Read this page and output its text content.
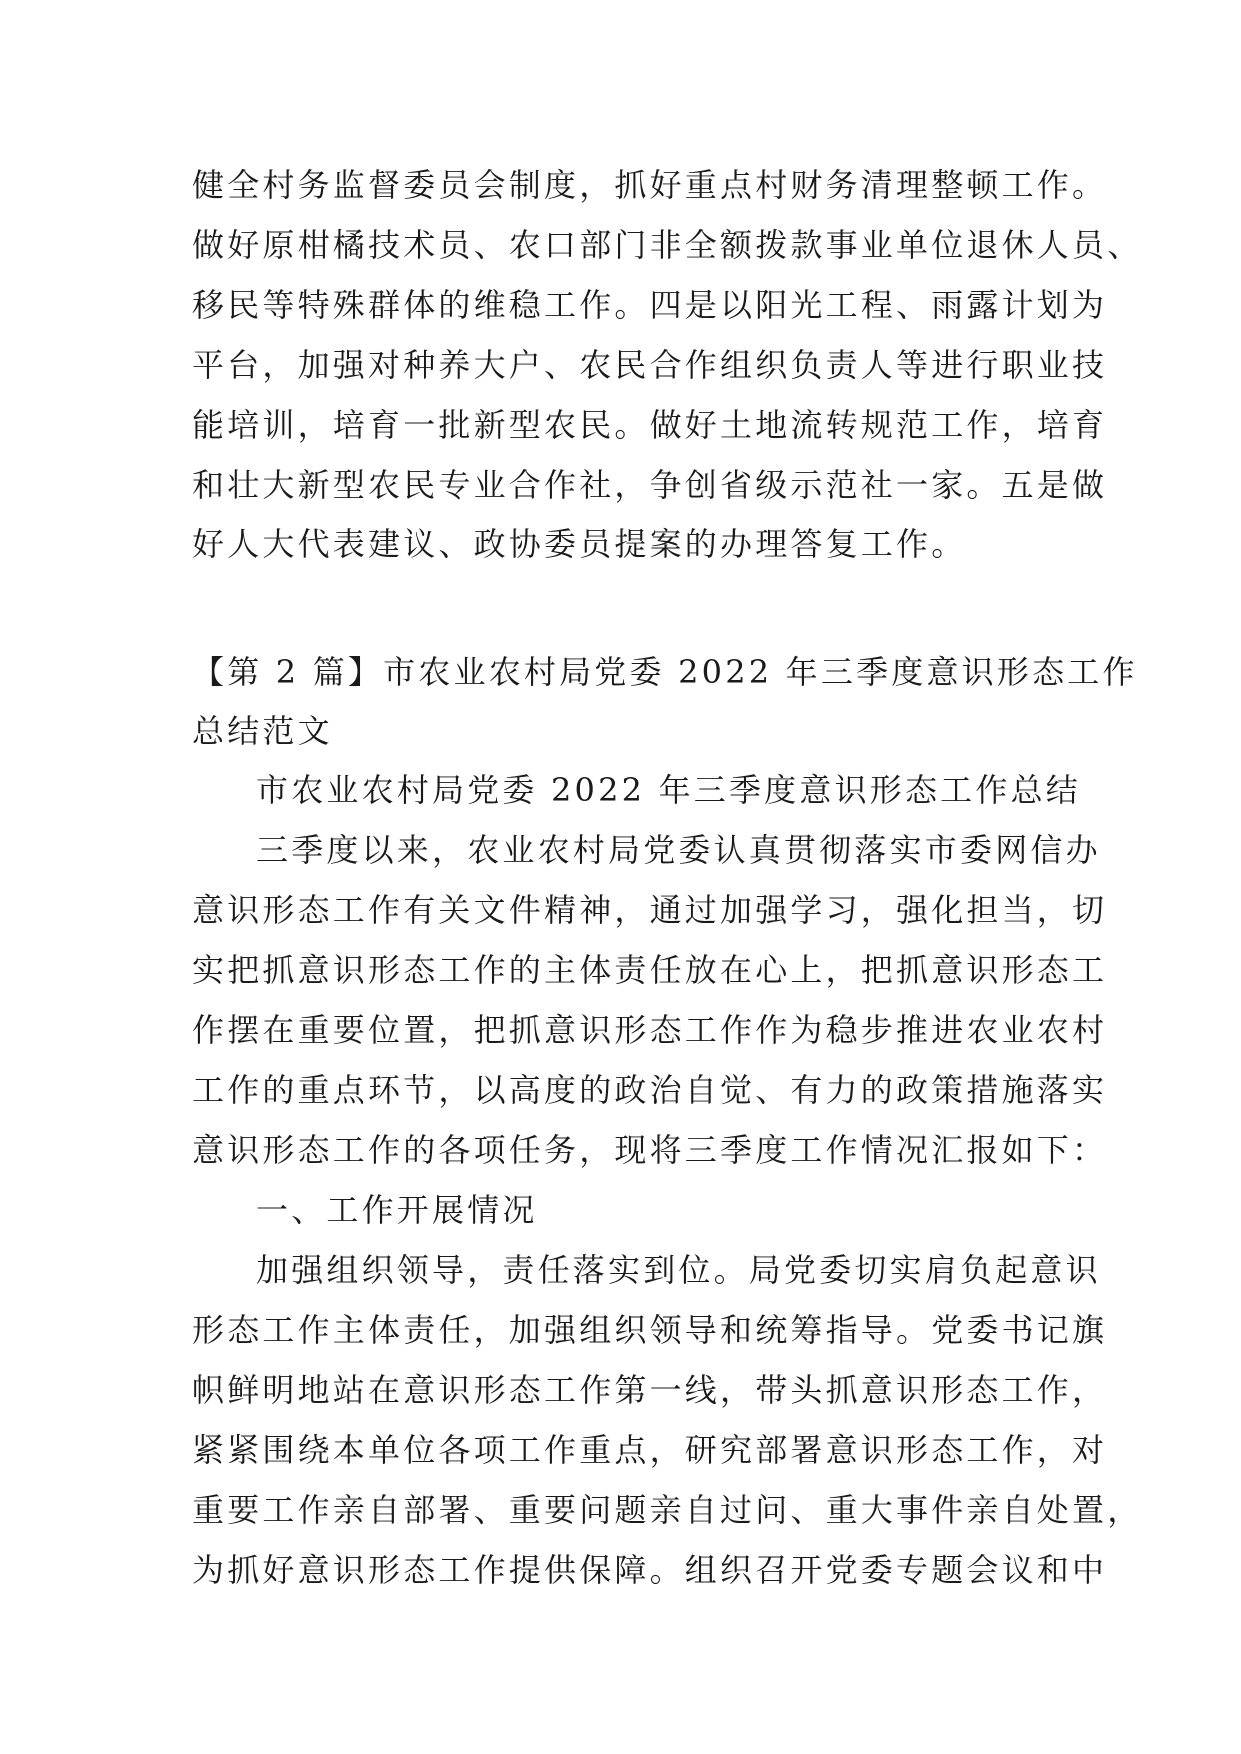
健全村务监督委员会制度，抓好重点村财务清理整顿工作。
做好原柑橘技术员、农口部门非全额拨款事业单位退休人员、
移民等特殊群体的维稳工作。四是以阳光工程、雨露计划为
平台，加强对种养大户、农民合作组织负责人等进行职业技
能培训，培育一批新型农民。做好土地流转规范工作，培育
和壮大新型农民专业合作社，争创省级示范社一家。五是做
好人大代表建议、政协委员提案的办理答复工作。
【第 2 篇】市农业农村局党委 2022 年三季度意识形态工作
总结范文
市农业农村局党委 2022 年三季度意识形态工作总结
三季度以来，农业农村局党委认真贯彻落实市委网信办
意识形态工作有关文件精神，通过加强学习，强化担当，切
实把抓意识形态工作的主体责任放在心上，把抓意识形态工
作摆在重要位置，把抓意识形态工作作为稳步推进农业农村
工作的重点环节，以高度的政治自觉、有力的政策措施落实
意识形态工作的各项任务，现将三季度工作情况汇报如下：
一、工作开展情况
加强组织领导，责任落实到位。局党委切实肩负起意识
形态工作主体责任，加强组织领导和统筹指导。党委书记旗
帜鲜明地站在意识形态工作第一线，带头抓意识形态工作，
紧紧围绕本单位各项工作重点，研究部署意识形态工作，对
重要工作亲自部署、重要问题亲自过问、重大事件亲自处置，
为抓好意识形态工作提供保障。组织召开党委专题会议和中
